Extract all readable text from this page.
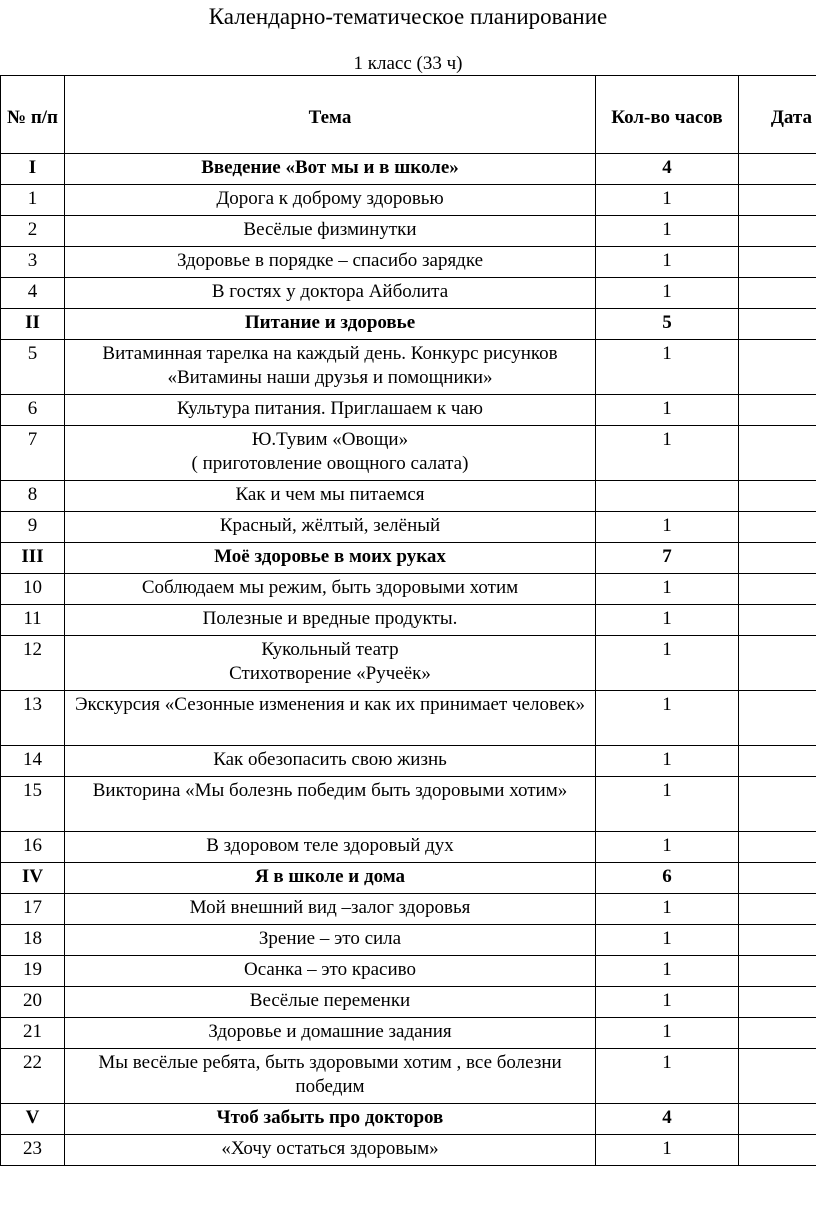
Календарно-тематическое планирование
1 класс (33 ч)
№ п/п	Тема	Кол-во часов	Дата
I	Введение «Вот мы и в школе»	4	
1	Дорога к доброму здоровью	1	
2	Весёлые физминутки	1	
3	Здоровье в порядке – спасибо зарядке	1	
4	В гостях у доктора Айболита	1	
II	Питание и здоровье	5	
5	Витаминная тарелка на каждый день. Конкурс рисунков «Витамины наши друзья и помощники»	1	
6	Культура питания. Приглашаем к чаю	1	
7	Ю.Тувим «Овощи»
( приготовление овощного салата)	1	
8	Как и чем мы питаемся		
9	Красный, жёлтый, зелёный	1	
III	Моё здоровье в моих руках	7	
10	Соблюдаем мы режим, быть здоровыми хотим	1	
11	Полезные и вредные продукты.	1	
12	Кукольный театр
Стихотворение «Ручеёк»	1	
13	Экскурсия «Сезонные изменения и как их принимает человек»	1	
14	Как обезопасить свою жизнь	1	
15	Викторина «Мы болезнь победим быть здоровыми хотим»	1	
16	В здоровом теле здоровый дух	1	
IV	Я в школе и дома	6	
17	Мой внешний вид –залог здоровья	1	
18	Зрение – это сила	1	
19	Осанка – это красиво	1	
20	Весёлые переменки	1	
21	Здоровье и домашние задания	1	
22	Мы весёлые ребята, быть здоровыми хотим , все болезни победим	1	
V	Чтоб забыть про докторов	4	
23	«Хочу остаться здоровым»	1	
